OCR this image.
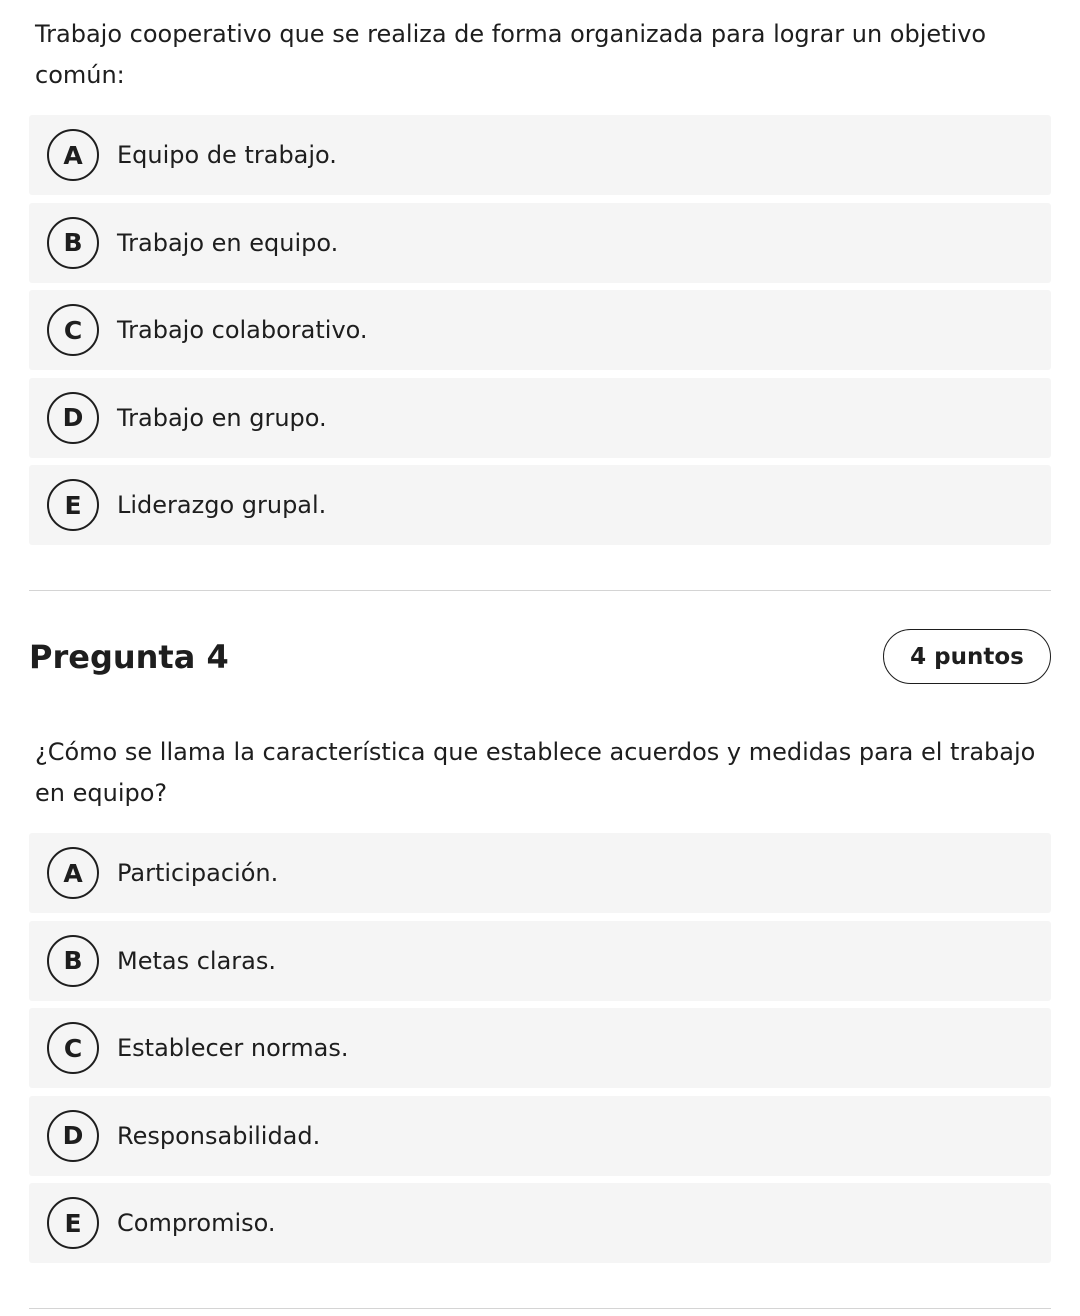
Trabajo cooperativo que se realiza de forma organizada para lograr un objetivo común:

A	Equipo de trabajo.
B	Trabajo en equipo.
C	Trabajo colaborativo.
D	Trabajo en grupo.
E	Liderazgo grupal.
Pregunta 4	4 puntos

¿Cómo se llama la característica que establece acuerdos y medidas para el trabajo en equipo?

A	Participación.
B	Metas claras.
C	Establecer normas.
D	Responsabilidad.
E	Compromiso.
